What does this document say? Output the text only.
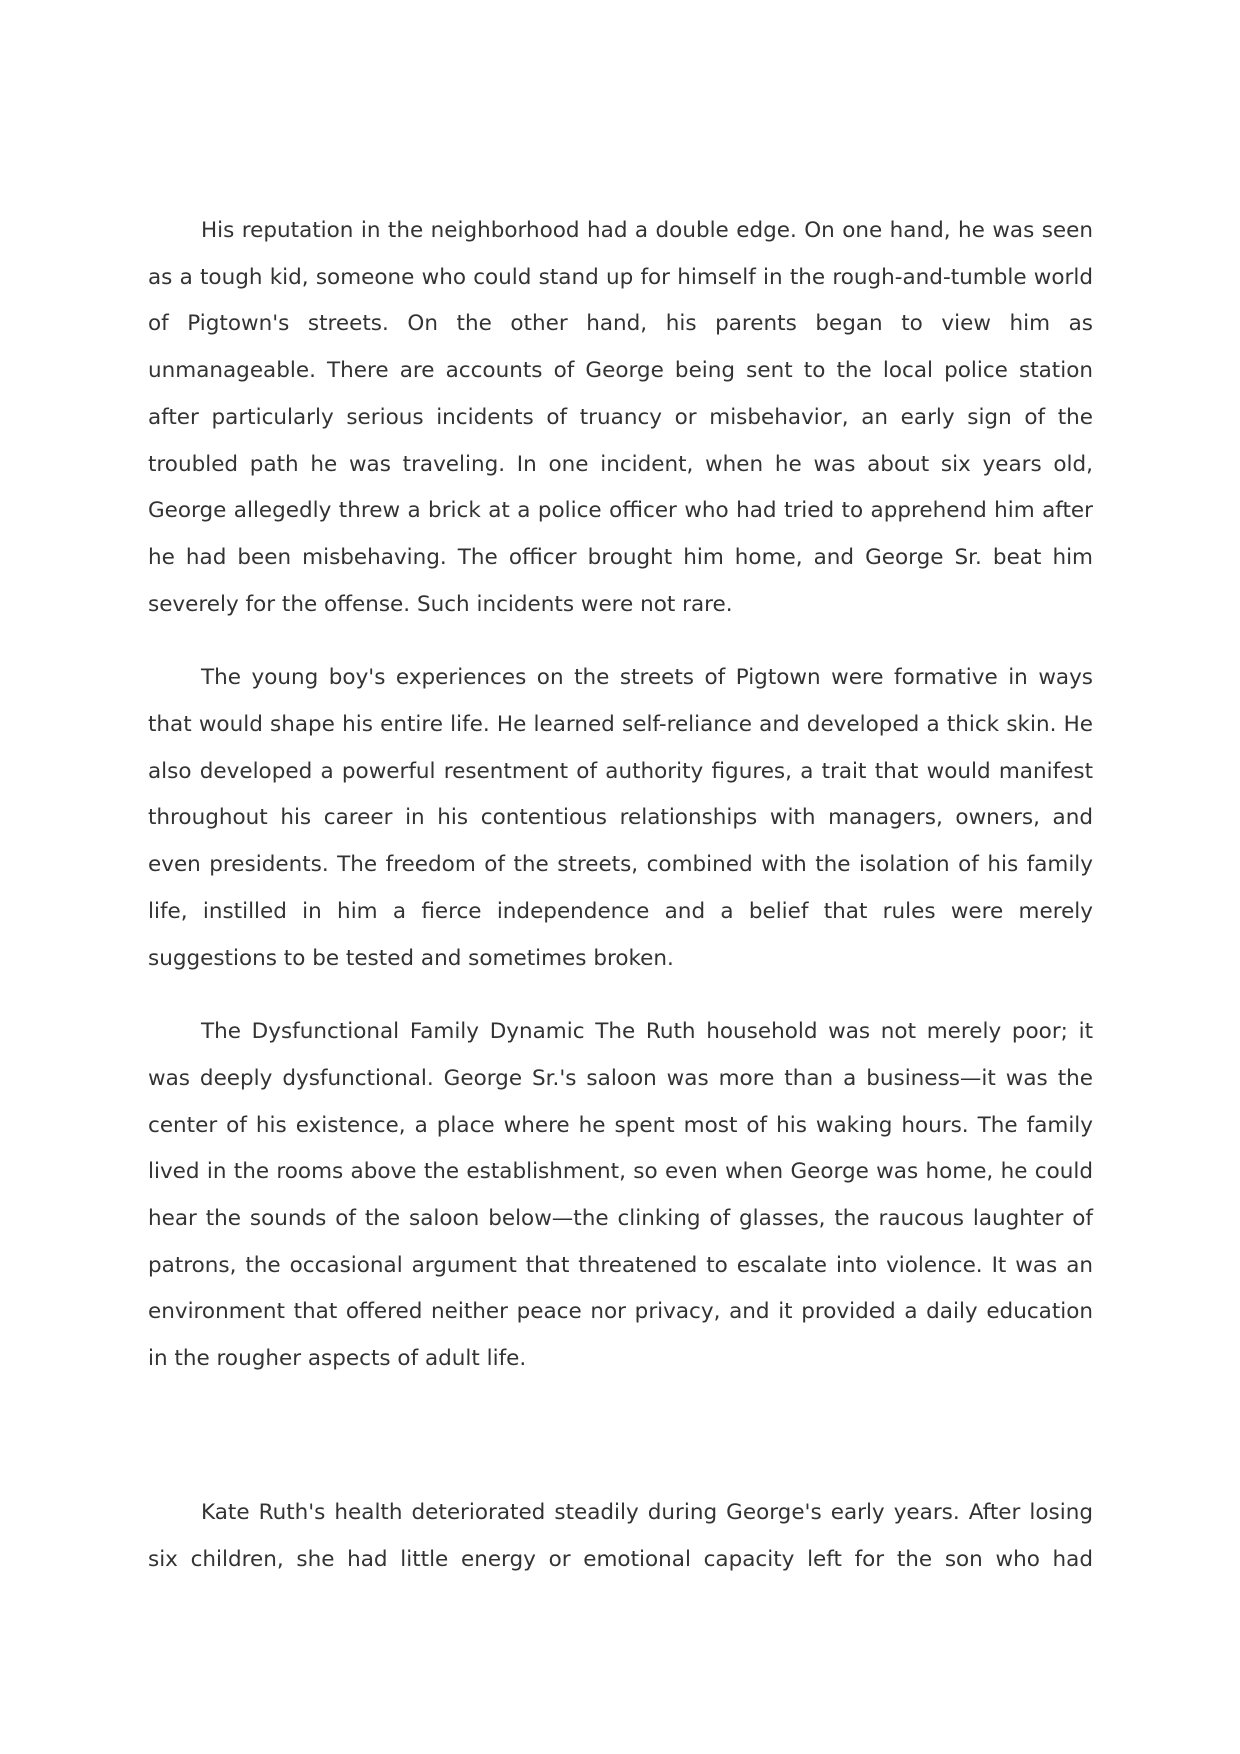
His reputation in the neighborhood had a double edge. On one hand, he was seen as a tough kid, someone who could stand up for himself in the rough-and-tumble world of Pigtown's streets. On the other hand, his parents began to view him as unmanageable. There are accounts of George being sent to the local police station after particularly serious incidents of truancy or misbehavior, an early sign of the troubled path he was traveling. In one incident, when he was about six years old, George allegedly threw a brick at a police officer who had tried to apprehend him after he had been misbehaving. The officer brought him home, and George Sr. beat him severely for the offense. Such incidents were not rare.

The young boy's experiences on the streets of Pigtown were formative in ways that would shape his entire life. He learned self-reliance and developed a thick skin. He also developed a powerful resentment of authority figures, a trait that would manifest throughout his career in his contentious relationships with managers, owners, and even presidents. The freedom of the streets, combined with the isolation of his family life, instilled in him a fierce independence and a belief that rules were merely suggestions to be tested and sometimes broken.

The Dysfunctional Family Dynamic The Ruth household was not merely poor; it was deeply dysfunctional. George Sr.'s saloon was more than a business—it was the center of his existence, a place where he spent most of his waking hours. The family lived in the rooms above the establishment, so even when George was home, he could hear the sounds of the saloon below—the clinking of glasses, the raucous laughter of patrons, the occasional argument that threatened to escalate into violence. It was an environment that offered neither peace nor privacy, and it provided a daily education in the rougher aspects of adult life.

Kate Ruth's health deteriorated steadily during George's early years. After losing six children, she had little energy or emotional capacity left for the son who had
